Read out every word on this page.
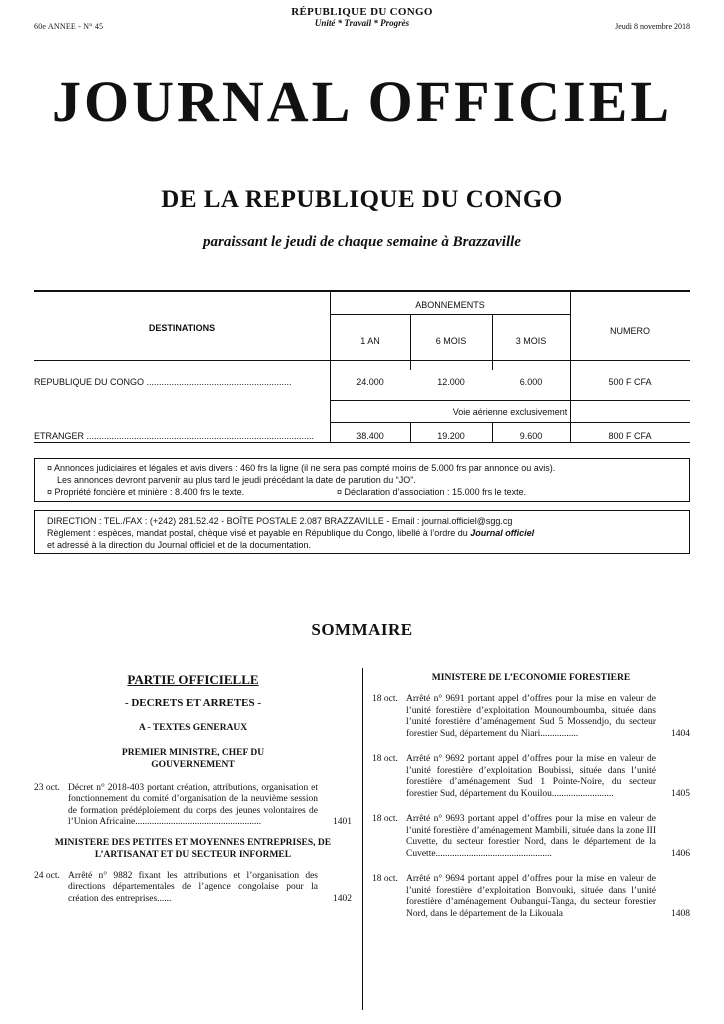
60e ANNEE - N° 45
RÉPUBLIQUE DU CONGO
Unité * Travail * Progrès	Jeudi 8 novembre 2018
JOURNAL OFFICIEL
DE LA REPUBLIQUE DU CONGO
paraissant le jeudi de chaque semaine à Brazzaville
DESTINATIONS
ABONNEMENTS
NUMERO
1 AN	6 MOIS	3 MOIS
REPUBLIQUE DU CONGO ..........................................................	24.000	12.000	6.000	500 F CFA
Voie aérienne exclusivement
ETRANGER ...........................................................................................	38.400	19.200	9.600	800 F CFA
¤ Annonces judiciaires et légales et avis divers : 460 frs la ligne (il ne sera pas compté moins de 5.000 frs par annonce ou avis).
Les annonces devront parvenir au plus tard le jeudi précédant la date de parution du “JO”.
¤ Propriété foncière et minière : 8.400 frs le texte.	¤ Déclaration d’association : 15.000 frs le texte.
DIRECTION : TEL./FAX : (+242) 281.52.42 - BOÎTE POSTALE 2.087 BRAZZAVILLE - Email : journal.officiel@sgg.cg
Règlement : espèces, mandat postal, chèque visé et payable en République du Congo, libellé à l’ordre du Journal officiel
et adressé à la direction du Journal officiel et de la documentation.
SOMMAIRE
PARTIE OFFICIELLE
- DECRETS ET ARRETES -
A - TEXTES GENERAUX
PREMIER MINISTRE, CHEF DU GOUVERNEMENT
23 oct. Décret n° 2018-403 portant création, attributions, organisation et fonctionnement du comité d’organisation de la neuvième session de formation prédéploiement du corps des jeunes volontaires de l’Union Africaine.....................................................	1401
MINISTERE DES PETITES ET MOYENNES ENTREPRISES, DE L’ARTISANAT ET DU SECTEUR INFORMEL
24 oct. Arrêté n° 9882 fixant les attributions et l’organisation des directions départementales de l’agence congolaise pour la création des entreprises......	1402
MINISTERE DE L’ECONOMIE FORESTIERE
18 oct. Arrêté n° 9691 portant appel d’offres pour la mise en valeur de l’unité forestière d’exploitation Mounoumboumba, située dans l’unité forestière d’aménagement Sud 5 Mossendjo, du secteur forestier Sud, département du Niari................	1404
18 oct. Arrêté n° 9692 portant appel d’offres pour la mise en valeur de l’unité forestière d’exploitation Boubissi, située dans l’unité forestière d’aménagement Sud 1 Pointe-Noire, du secteur forestier Sud, département du Kouilou..........................	1405
18 oct. Arrêté n° 9693 portant appel d’offres pour la mise en valeur de l’unité forestière d’aménagement Mambili, située dans la zone III Cuvette, du secteur forestier Nord, dans le département de la Cuvette.................................................	1406
18 oct. Arrêté n° 9694 portant appel d’offres pour la mise en valeur de l’unité forestière d’exploitation Bonvouki, située dans l’unité forestière d’aménagement Oubangui-Tanga, du secteur forestier Nord, dans le département de la Likouala	1408
